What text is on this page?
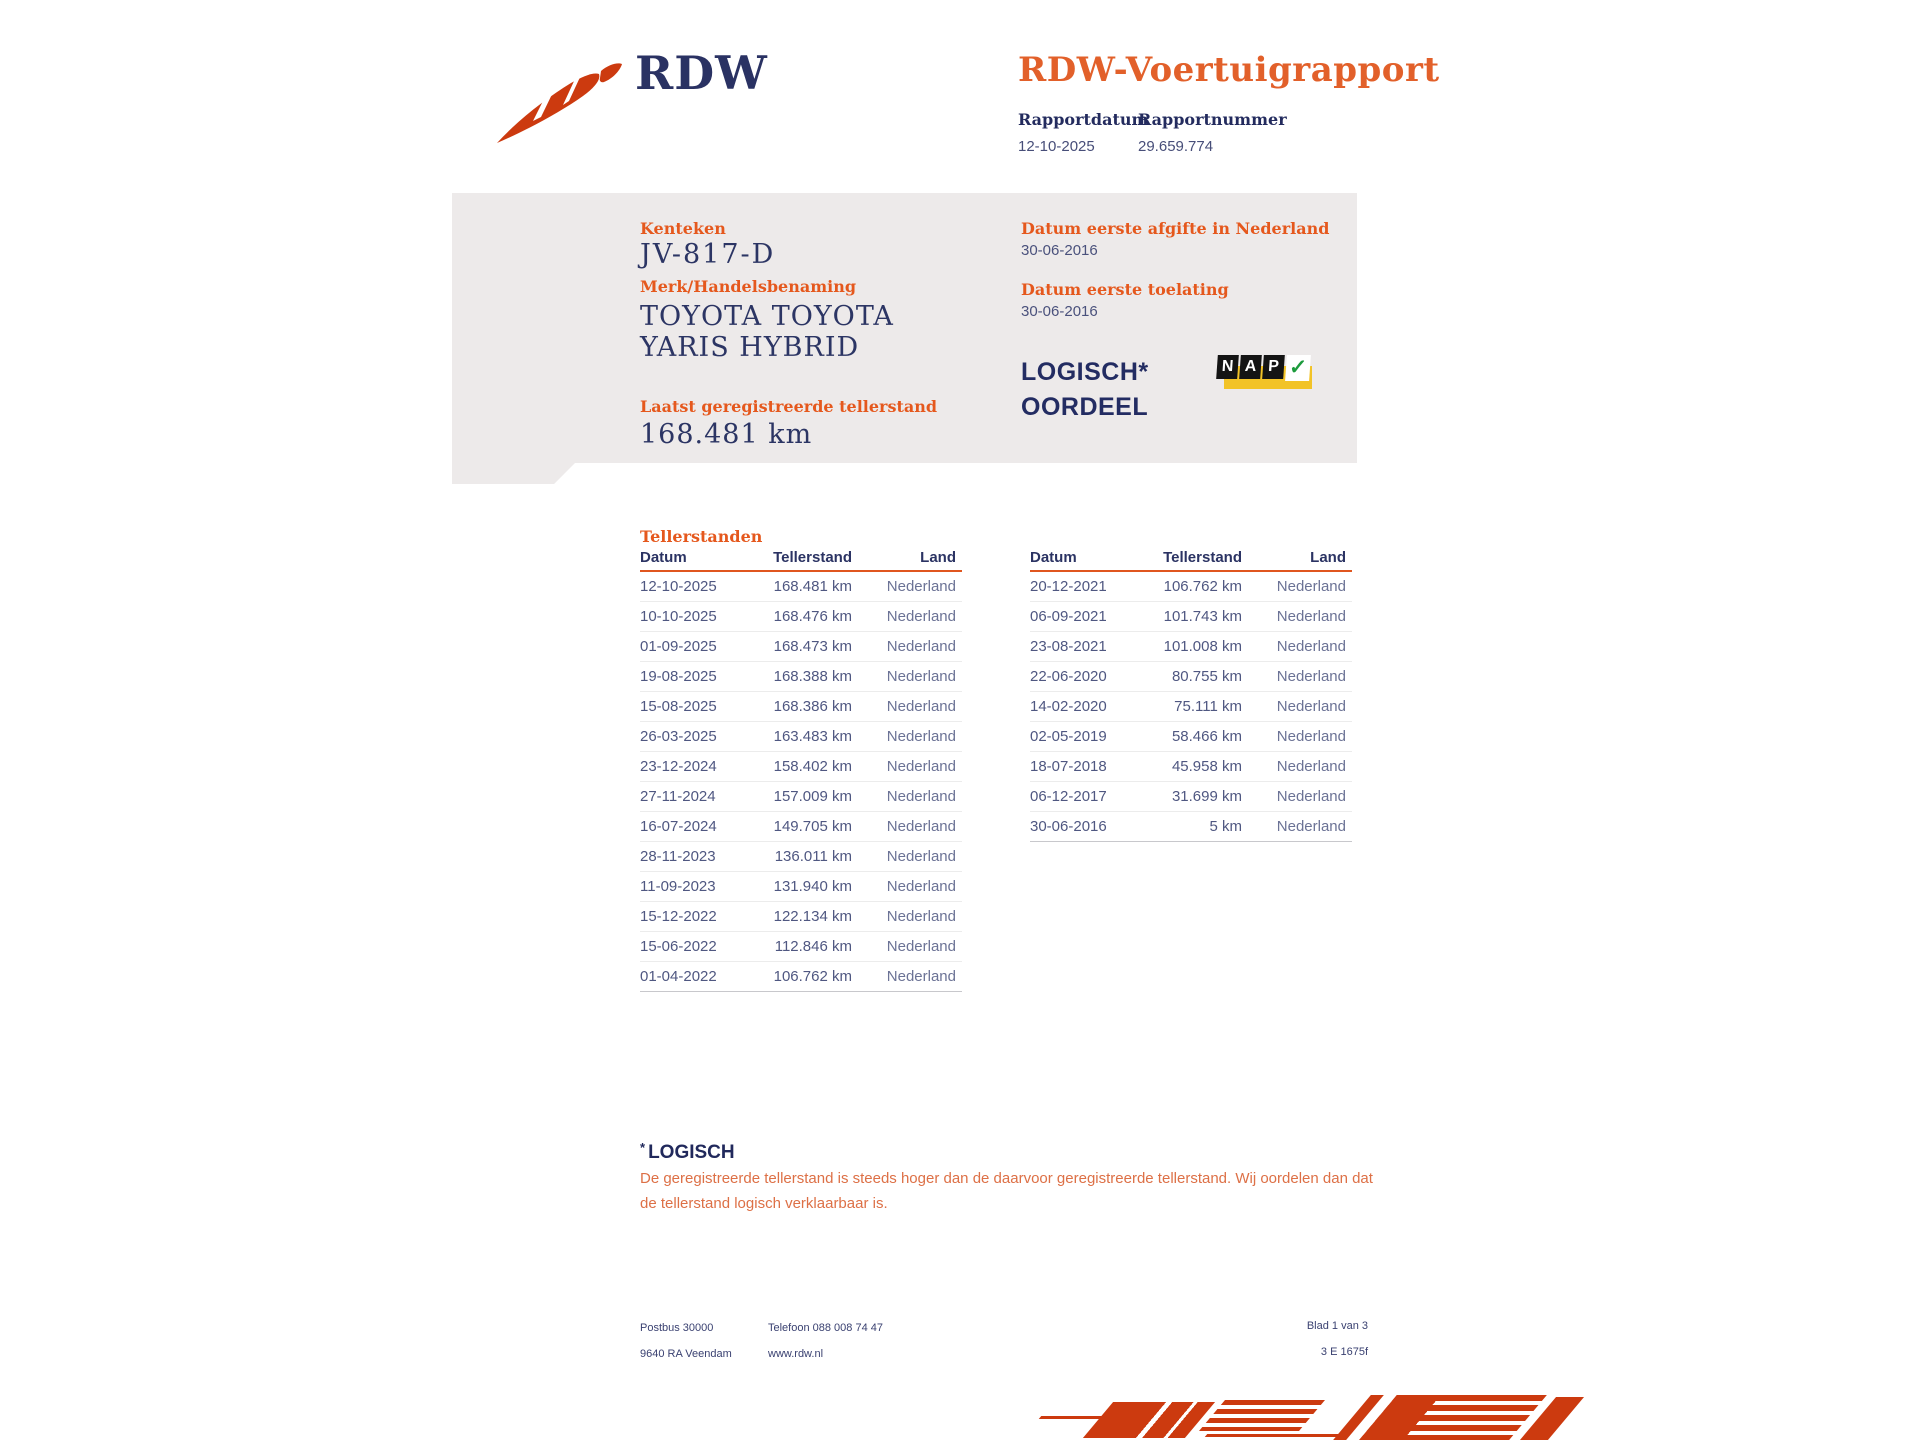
RDW	RDW-Voertuigrapport
Rapportdatum
12-10-2025
Rapportnummer
29.659.774
Kenteken
JV-817-D
Merk/Handelsbenaming
TOYOTA TOYOTA YARIS HYBRID
Laatst geregistreerde tellerstand
168.481 km
Datum eerste afgifte in Nederland
30-06-2016
Datum eerste toelating
30-06-2016
LOGISCH*
OORDEEL
N A P ✓
Tellerstanden
Datum	Tellerstand	Land
12-10-2025	168.481 km	Nederland
10-10-2025	168.476 km	Nederland
01-09-2025	168.473 km	Nederland
19-08-2025	168.388 km	Nederland
15-08-2025	168.386 km	Nederland
26-03-2025	163.483 km	Nederland
23-12-2024	158.402 km	Nederland
27-11-2024	157.009 km	Nederland
16-07-2024	149.705 km	Nederland
28-11-2023	136.011 km	Nederland
11-09-2023	131.940 km	Nederland
15-12-2022	122.134 km	Nederland
15-06-2022	112.846 km	Nederland
01-04-2022	106.762 km	Nederland
Datum	Tellerstand	Land
20-12-2021	106.762 km	Nederland
06-09-2021	101.743 km	Nederland
23-08-2021	101.008 km	Nederland
22-06-2020	80.755 km	Nederland
14-02-2020	75.111 km	Nederland
02-05-2019	58.466 km	Nederland
18-07-2018	45.958 km	Nederland
06-12-2017	31.699 km	Nederland
30-06-2016	5 km	Nederland
* LOGISCH
De geregistreerde tellerstand is steeds hoger dan de daarvoor geregistreerde tellerstand. Wij oordelen dan dat de tellerstand logisch verklaarbaar is.
Postbus 30000
9640 RA Veendam
Telefoon 088 008 74 47
www.rdw.nl
Blad 1 van 3
3 E 1675f
